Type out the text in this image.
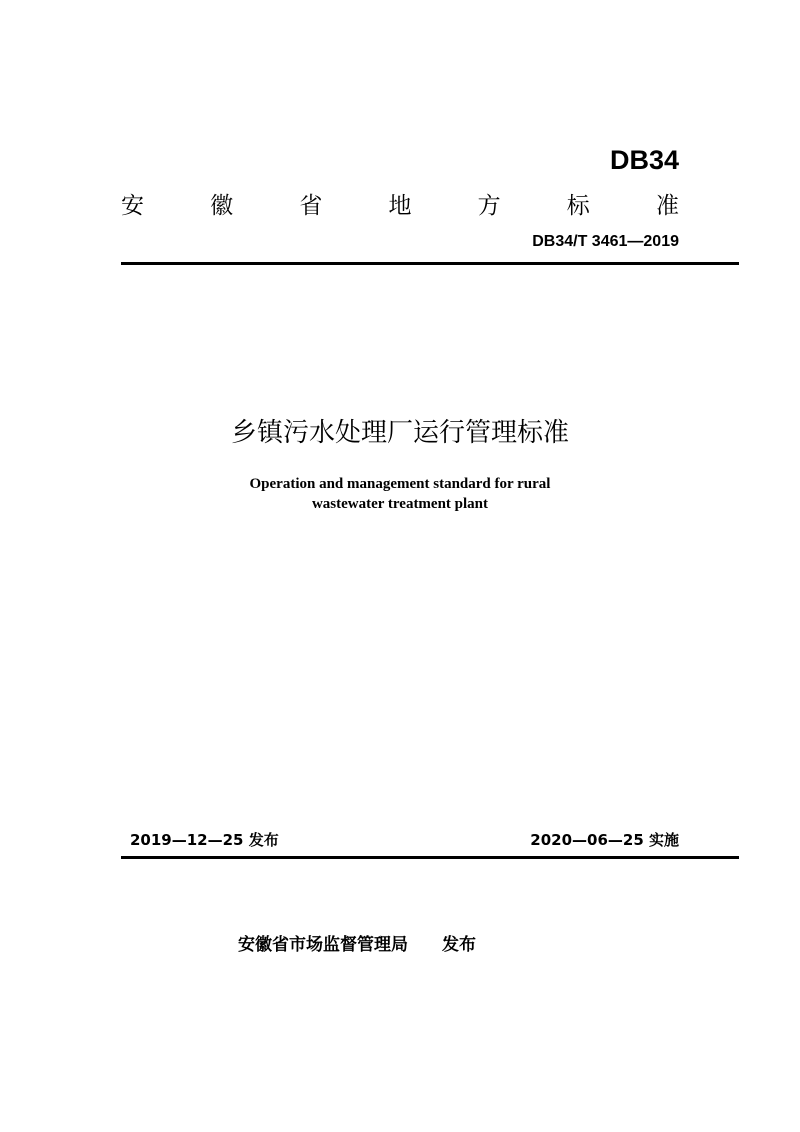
DB34
安	徽	省	地	方	标	准
DB34/T 3461—2019
乡镇污水处理厂运行管理标准
Operation and management standard for rural
wastewater treatment plant
2019—12—25 发布	2020—06—25 实施
安徽省市场监督管理局 发布
